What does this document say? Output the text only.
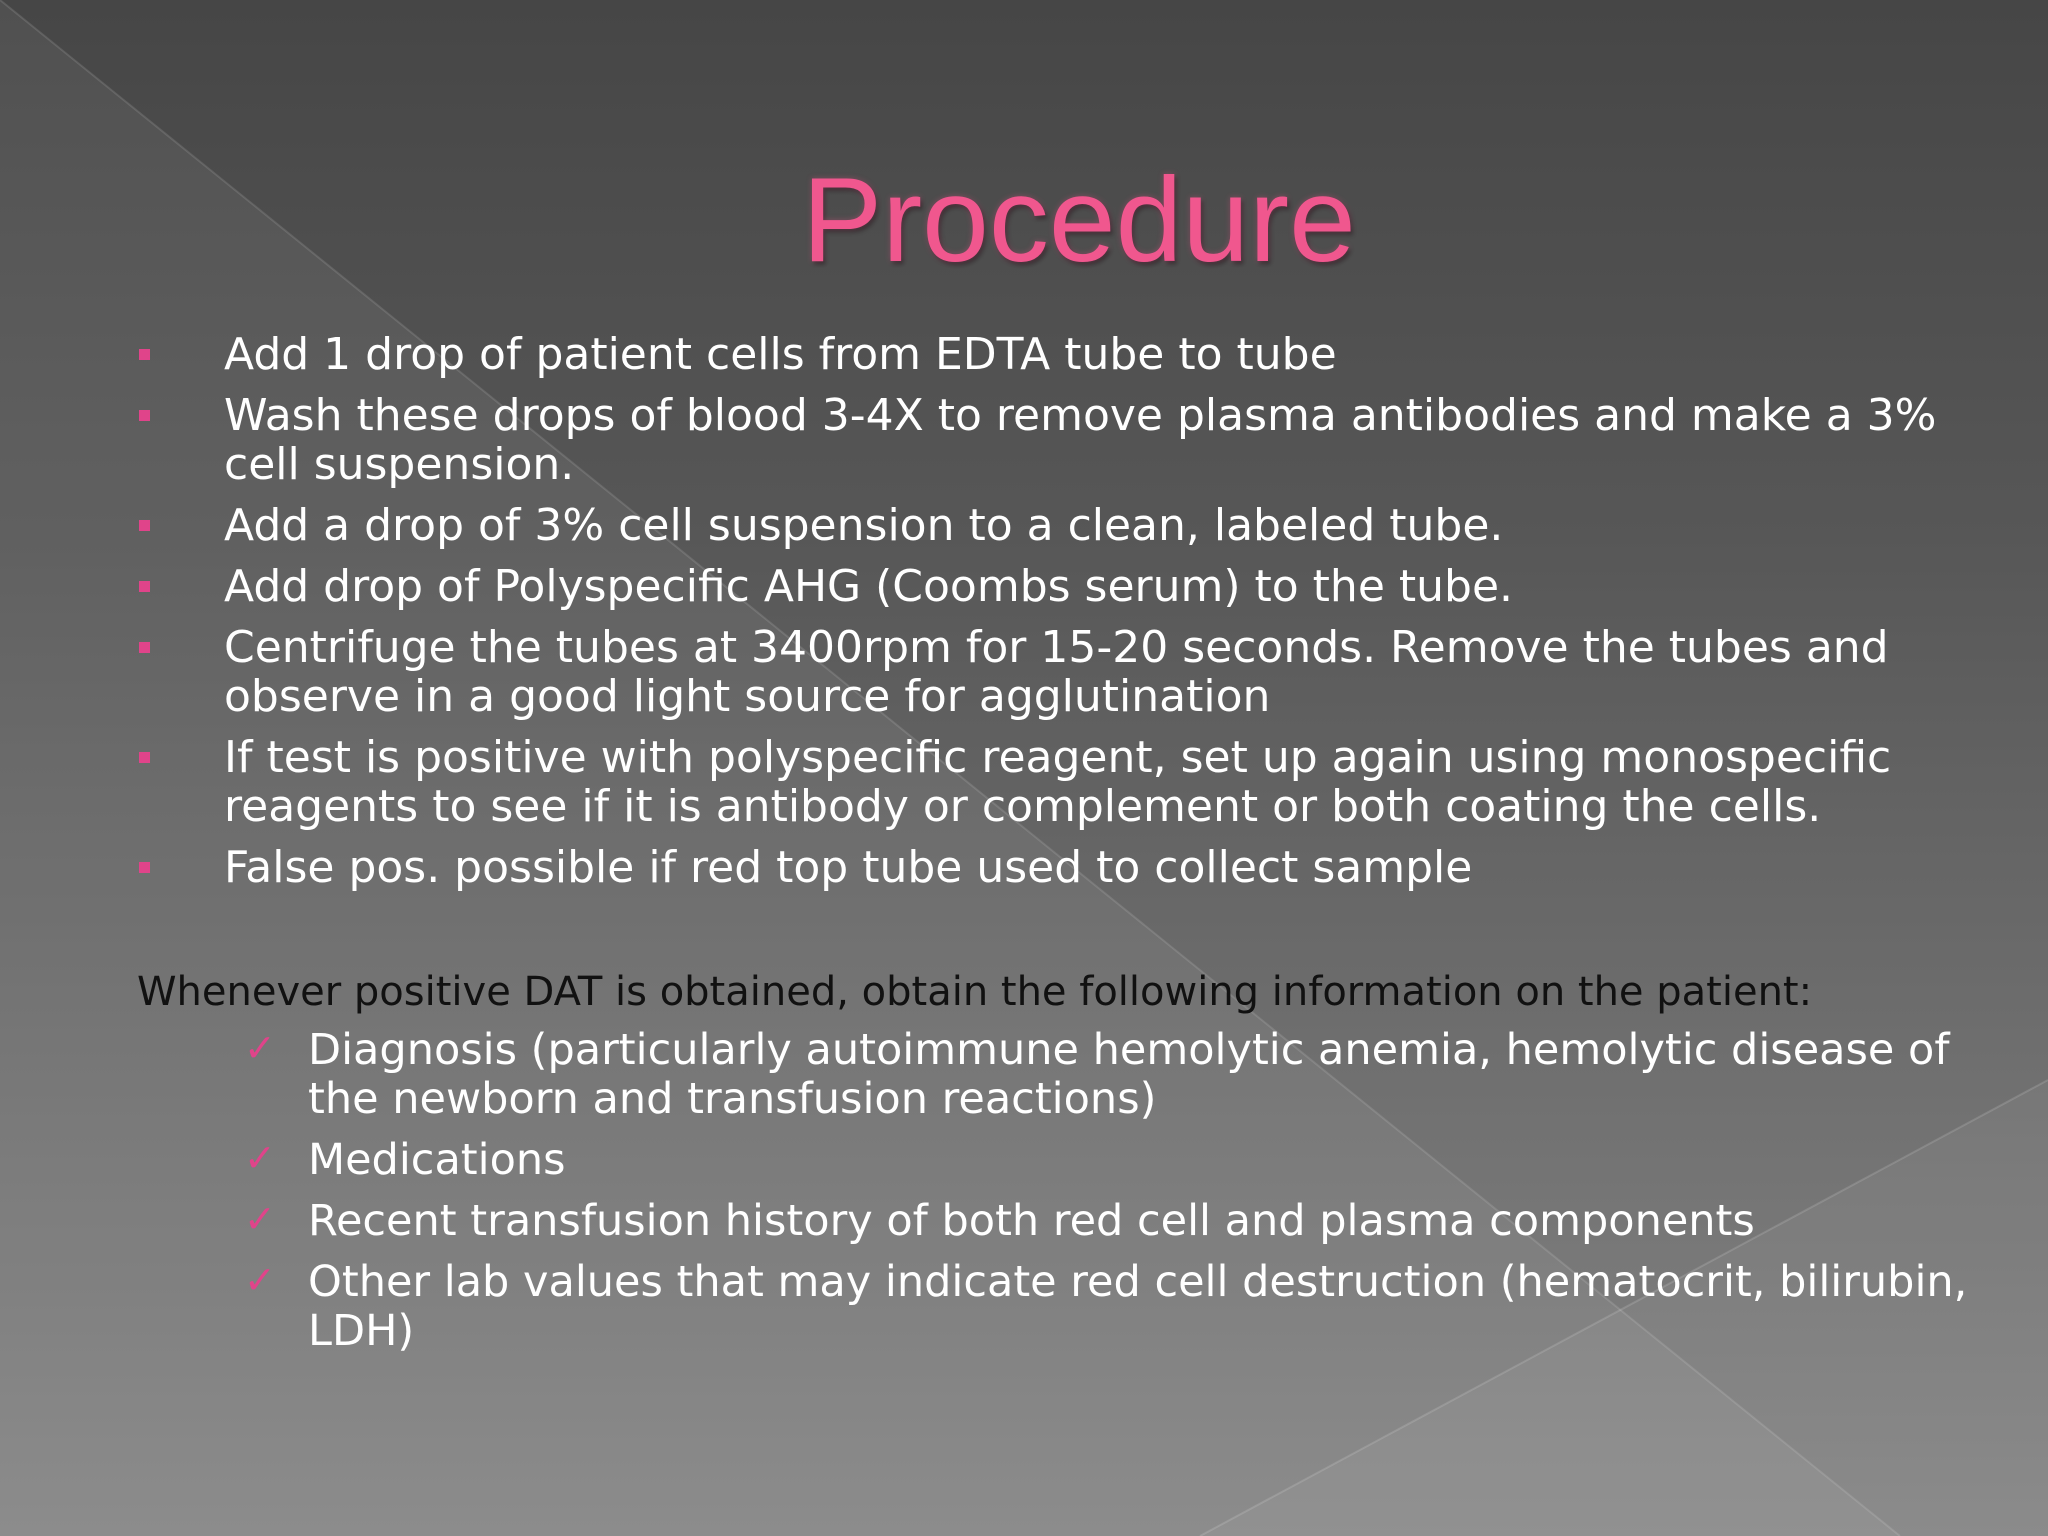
Procedure
Add 1 drop of patient cells from EDTA tube to tube
Wash these drops of blood 3-4X to remove plasma antibodies and make a 3% cell suspension.
Add a drop of 3% cell suspension to a clean, labeled tube.
Add drop of Polyspecific AHG (Coombs serum) to the tube.
Centrifuge the tubes at 3400rpm for 15-20 seconds. Remove the tubes and observe in a good light source for agglutination
If test is positive with polyspecific reagent, set up again using monospecific reagents to see if it is antibody or complement or both coating the cells.
False pos. possible if red top tube used to collect sample

Whenever positive DAT is obtained, obtain the following information on the patient:

✓ Diagnosis (particularly autoimmune hemolytic anemia, hemolytic disease of the newborn and transfusion reactions)
✓ Medications
✓ Recent transfusion history of both red cell and plasma components
✓ Other lab values that may indicate red cell destruction (hematocrit, bilirubin, LDH)
